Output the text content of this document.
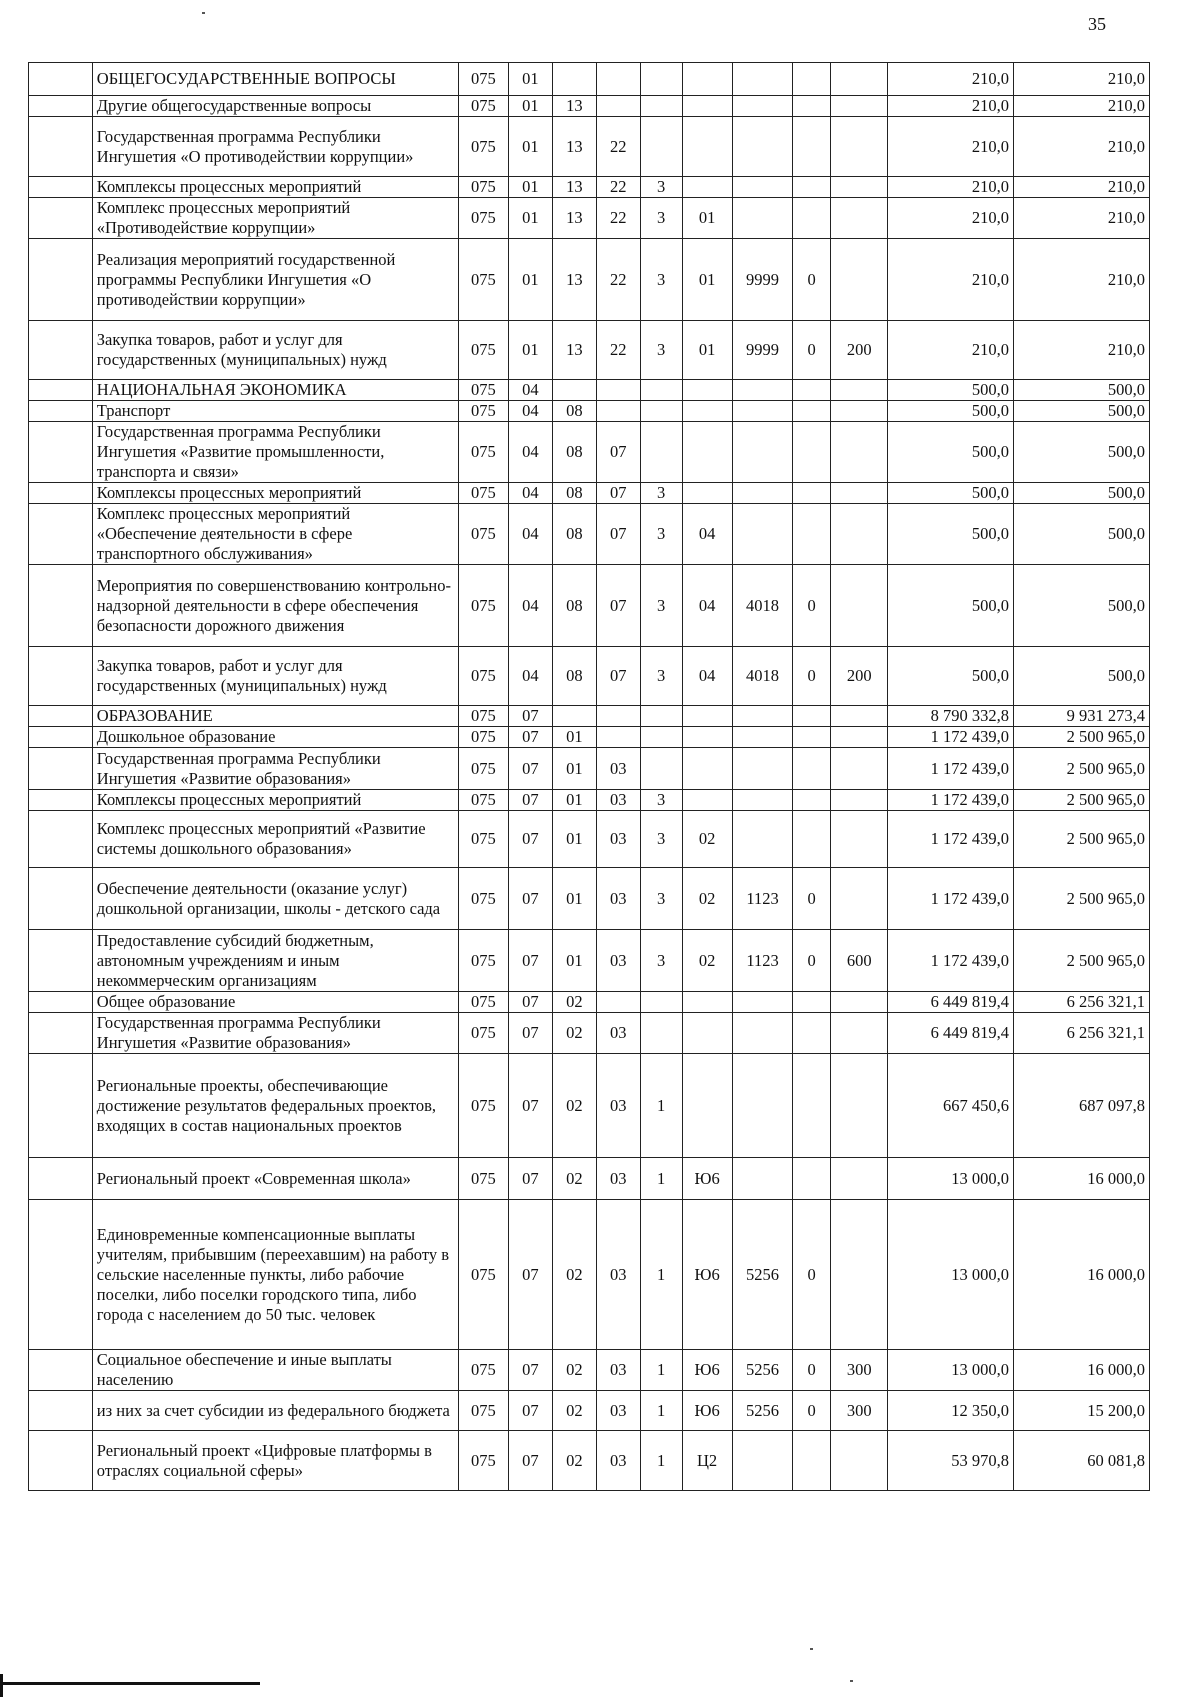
35
	ОБЩЕГОСУДАРСТВЕННЫЕ ВОПРОСЫ	075	01								210,0	210,0
	Другие общегосударственные вопросы	075	01	13							210,0	210,0
	Государственная программа Республики Ингушетия «О противодействии коррупции»	075	01	13	22						210,0	210,0
	Комплексы процессных мероприятий	075	01	13	22	3					210,0	210,0
	Комплекс процессных мероприятий «Противодействие коррупции»	075	01	13	22	3	01				210,0	210,0
	Реализация мероприятий государственной программы Республики Ингушетия «О противодействии коррупции»	075	01	13	22	3	01	9999	0		210,0	210,0
	Закупка товаров, работ и услуг для государственных (муниципальных) нужд	075	01	13	22	3	01	9999	0	200	210,0	210,0
	НАЦИОНАЛЬНАЯ ЭКОНОМИКА	075	04								500,0	500,0
	Транспорт	075	04	08							500,0	500,0
	Государственная программа Республики Ингушетия «Развитие промышленности, транспорта и связи»	075	04	08	07						500,0	500,0
	Комплексы процессных мероприятий	075	04	08	07	3					500,0	500,0
	Комплекс процессных мероприятий «Обеспечение деятельности в сфере транспортного обслуживания»	075	04	08	07	3	04				500,0	500,0
	Мероприятия по совершенствованию контрольно-надзорной деятельности в сфере обеспечения безопасности дорожного движения	075	04	08	07	3	04	4018	0		500,0	500,0
	Закупка товаров, работ и услуг для государственных (муниципальных) нужд	075	04	08	07	3	04	4018	0	200	500,0	500,0
	ОБРАЗОВАНИЕ	075	07								8 790 332,8	9 931 273,4
	Дошкольное образование	075	07	01							1 172 439,0	2 500 965,0
	Государственная программа Республики Ингушетия «Развитие образования»	075	07	01	03						1 172 439,0	2 500 965,0
	Комплексы процессных мероприятий	075	07	01	03	3					1 172 439,0	2 500 965,0
	Комплекс процессных мероприятий «Развитие системы дошкольного образования»	075	07	01	03	3	02				1 172 439,0	2 500 965,0
	Обеспечение деятельности (оказание услуг) дошкольной организации, школы - детского сада	075	07	01	03	3	02	1123	0		1 172 439,0	2 500 965,0
	Предоставление субсидий бюджетным, автономным учреждениям и иным некоммерческим организациям	075	07	01	03	3	02	1123	0	600	1 172 439,0	2 500 965,0
	Общее образование	075	07	02							6 449 819,4	6 256 321,1
	Государственная программа Республики Ингушетия «Развитие образования»	075	07	02	03						6 449 819,4	6 256 321,1
	Региональные проекты, обеспечивающие достижение результатов федеральных проектов, входящих в состав национальных проектов	075	07	02	03	1					667 450,6	687 097,8
	Региональный проект «Современная школа»	075	07	02	03	1	Ю6				13 000,0	16 000,0
	Единовременные компенсационные выплаты учителям, прибывшим (переехавшим) на работу в сельские населенные пункты, либо рабочие поселки, либо поселки городского типа, либо города с населением до 50 тыс. человек	075	07	02	03	1	Ю6	5256	0		13 000,0	16 000,0
	Социальное обеспечение и иные выплаты населению	075	07	02	03	1	Ю6	5256	0	300	13 000,0	16 000,0
	из них за счет субсидии из федерального бюджета	075	07	02	03	1	Ю6	5256	0	300	12 350,0	15 200,0
	Региональный проект «Цифровые платформы в отраслях социальной сферы»	075	07	02	03	1	Ц2				53 970,8	60 081,8
